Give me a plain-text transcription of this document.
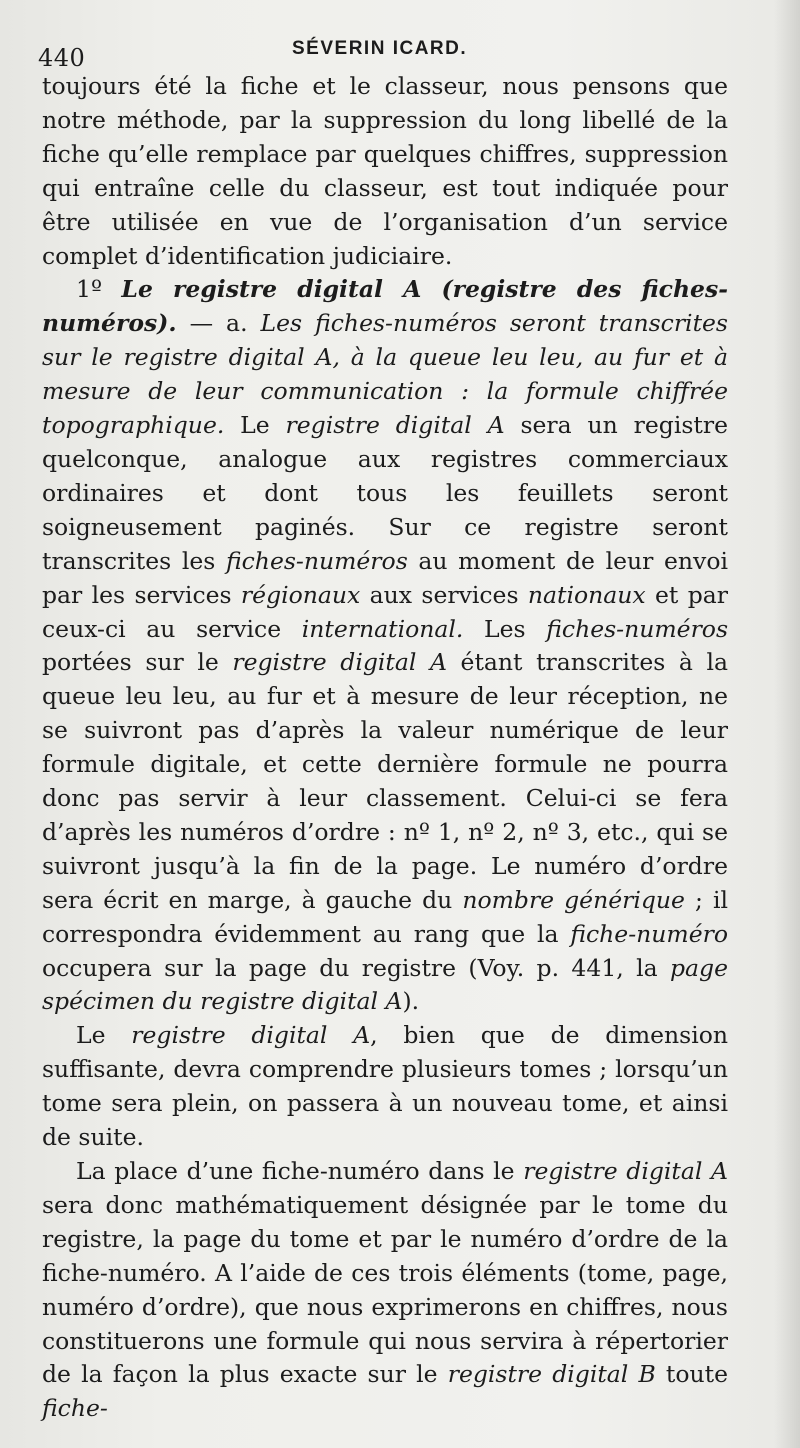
440	SÉVERIN ICARD.

toujours été la fiche et le classeur, nous pensons que notre méthode, par la suppression du long libellé de la fiche qu’elle remplace par quelques chiffres, suppression qui entraîne celle du classeur, est tout indiquée pour être utilisée en vue de l’organisation d’un service complet d’identification judiciaire.

1º Le registre digital A (registre des fiches-numéros). — a. Les fiches-numéros seront transcrites sur le registre digital A, à la queue leu leu, au fur et à mesure de leur communication : la formule chiffrée topographique. Le registre digital A sera un registre quelconque, analogue aux registres commerciaux ordinaires et dont tous les feuillets seront soigneusement paginés. Sur ce registre seront transcrites les fiches-numéros au moment de leur envoi par les services régionaux aux services nationaux et par ceux-ci au service international. Les fiches-numéros portées sur le registre digital A étant transcrites à la queue leu leu, au fur et à mesure de leur réception, ne se suivront pas d’après la valeur numérique de leur formule digitale, et cette dernière formule ne pourra donc pas servir à leur classement. Celui-ci se fera d’après les numéros d’ordre : nº 1, nº 2, nº 3, etc., qui se suivront jusqu’à la fin de la page. Le numéro d’ordre sera écrit en marge, à gauche du nombre générique ; il correspondra évidemment au rang que la fiche-numéro occupera sur la page du registre (Voy. p. 441, la page spécimen du registre digital A).

Le registre digital A, bien que de dimension suffisante, devra comprendre plusieurs tomes ; lorsqu’un tome sera plein, on passera à un nouveau tome, et ainsi de suite.

La place d’une fiche-numéro dans le registre digital A sera donc mathématiquement désignée par le tome du registre, la page du tome et par le numéro d’ordre de la fiche-numéro. A l’aide de ces trois éléments (tome, page, numéro d’ordre), que nous exprimerons en chiffres, nous constituerons une formule qui nous servira à répertorier de la façon la plus exacte sur le registre digital B toute fiche-
